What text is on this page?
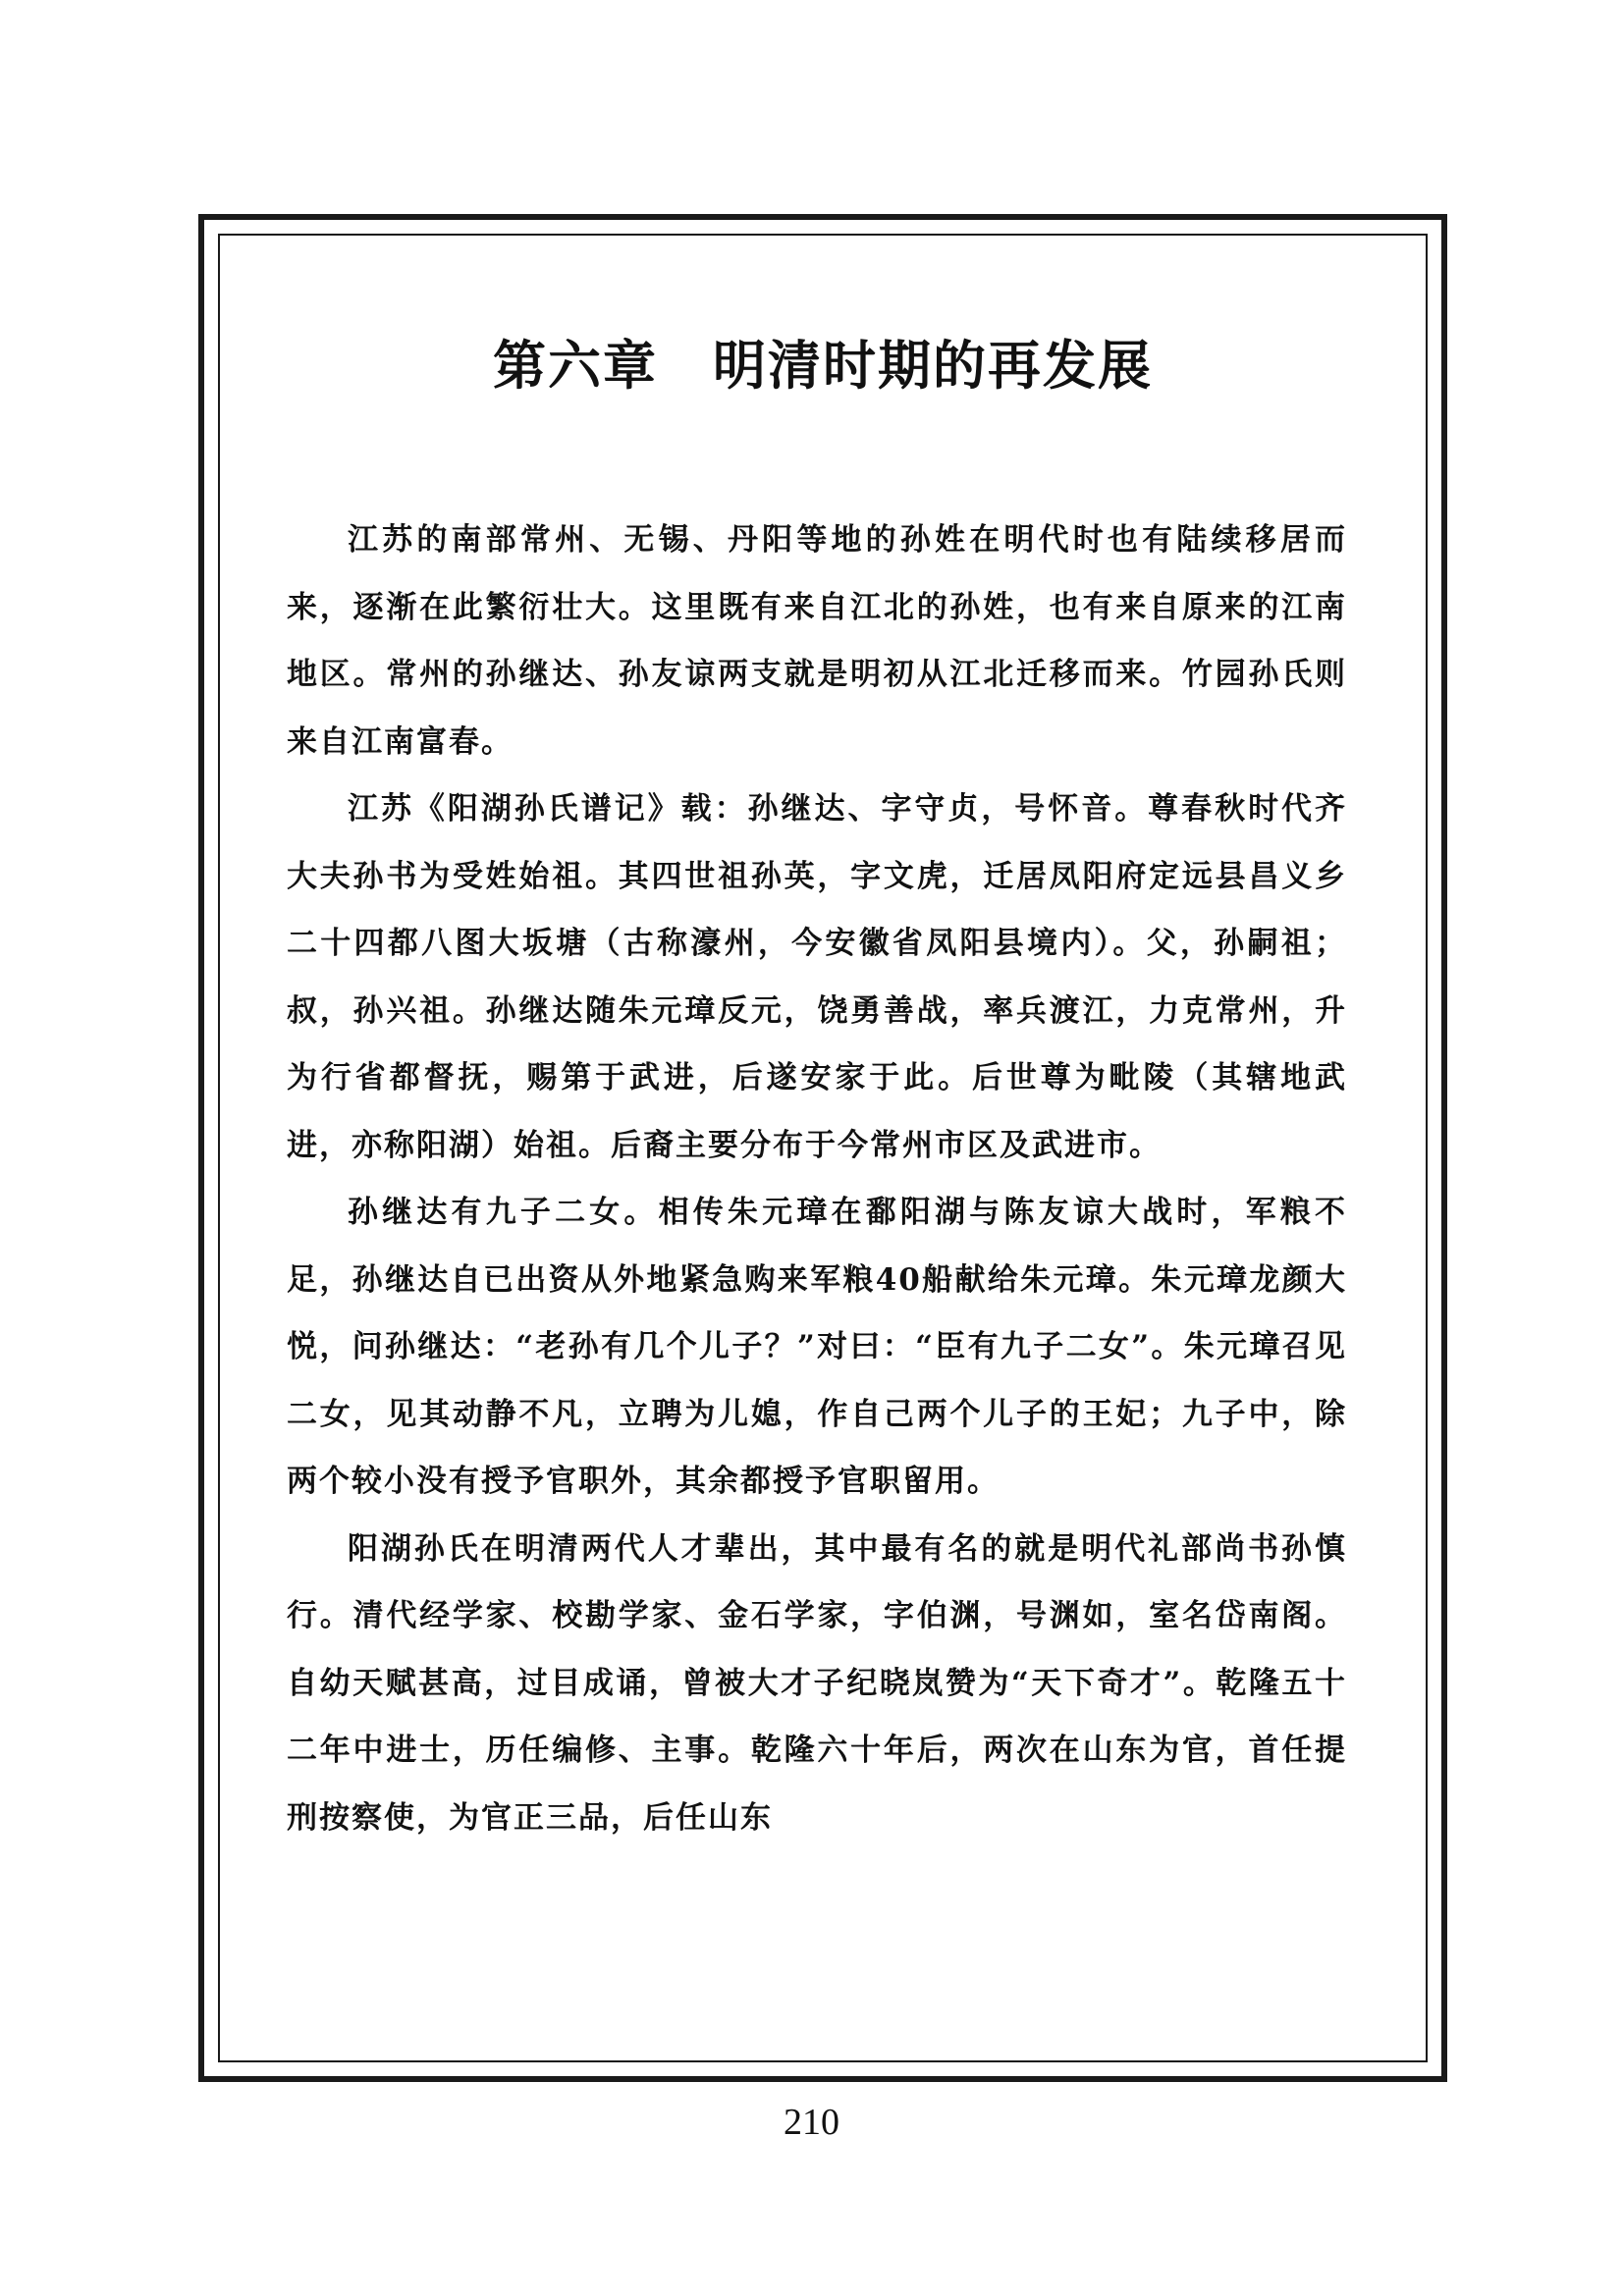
第六章 明清时期的再发展

江苏的南部常州、无锡、丹阳等地的孙姓在明代时也有陆续移居而来，逐渐在此繁衍壮大。这里既有来自江北的孙姓，也有来自原来的江南地区。常州的孙继达、孙友谅两支就是明初从江北迁移而来。竹园孙氏则来自江南富春。

江苏《阳湖孙氏谱记》载：孙继达、字守贞，号怀音。尊春秋时代齐大夫孙书为受姓始祖。其四世祖孙英，字文虎，迁居凤阳府定远县昌义乡二十四都八图大坂塘（古称濠州，今安徽省凤阳县境内）。父，孙嗣祖；叔，孙兴祖。孙继达随朱元璋反元，饶勇善战，率兵渡江，力克常州，升为行省都督抚，赐第于武进，后遂安家于此。后世尊为毗陵（其辖地武进，亦称阳湖）始祖。后裔主要分布于今常州市区及武进市。

孙继达有九子二女。相传朱元璋在鄱阳湖与陈友谅大战时，军粮不足，孙继达自已出资从外地紧急购来军粮40船献给朱元璋。朱元璋龙颜大悦，问孙继达：“老孙有几个儿子？”对曰：“臣有九子二女”。朱元璋召见二女，见其动静不凡，立聘为儿媳，作自己两个儿子的王妃；九子中，除两个较小没有授予官职外，其余都授予官职留用。

阳湖孙氏在明清两代人才辈出，其中最有名的就是明代礼部尚书孙慎行。清代经学家、校勘学家、金石学家，字伯渊，号渊如，室名岱南阁。自幼天赋甚高，过目成诵，曾被大才子纪晓岚赞为“天下奇才”。乾隆五十二年中进士，历任编修、主事。乾隆六十年后，两次在山东为官，首任提刑按察使，为官正三品，后任山东

210
